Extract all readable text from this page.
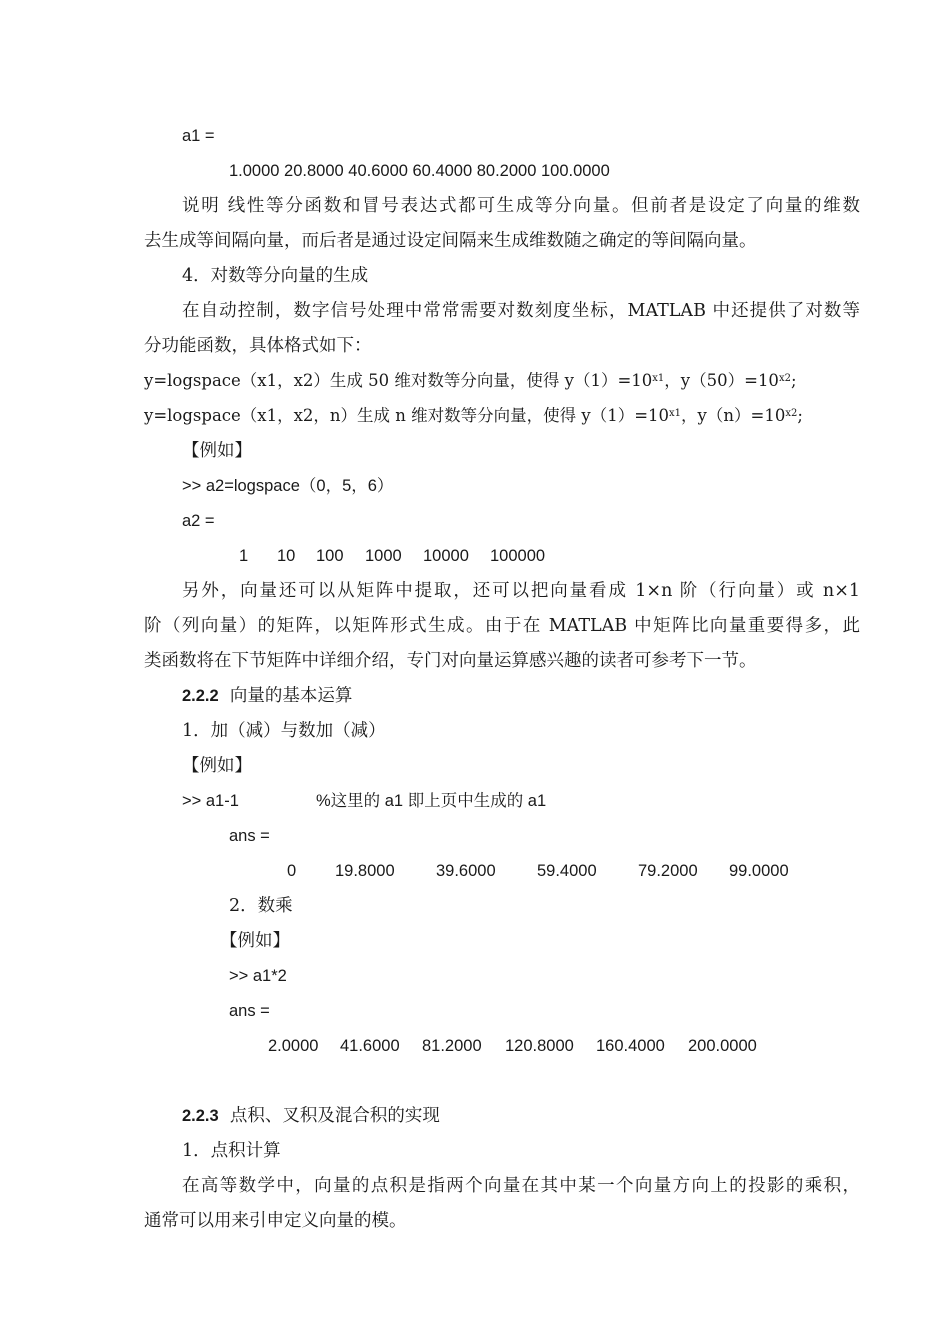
a1 =
1.0000 20.8000 40.6000 60.4000 80.2000 100.0000
说明 线性等分函数和冒号表达式都可生成等分向量。但前者是设定了向量的维数
去生成等间隔向量，而后者是通过设定间隔来生成维数随之确定的等间隔向量。
4．对数等分向量的生成
在自动控制，数字信号处理中常常需要对数刻度坐标，MATLAB 中还提供了对数等
分功能函数，具体格式如下：
y=logspace（x1，x2）生成 50 维对数等分向量，使得 $y(1)=10^{x1}$，$y(50)=10^{x2}$;
y=logspace（x1，x2，n）生成 n 维对数等分向量，使得 $y(1)=10^{x1}$，$y(n)=10^{x2}$;
【例如】
>> a2=logspace（0，5，6）
a2 =
1 10 100 1000 10000 100000
另外，向量还可以从矩阵中提取，还可以把向量看成 1×n 阶（行向量）或 n×1
阶（列向量）的矩阵，以矩阵形式生成。由于在 MATLAB 中矩阵比向量重要得多，此
类函数将在下节矩阵中详细介绍，专门对向量运算感兴趣的读者可参考下一节。
2.2.2 向量的基本运算
1．加（减）与数加（减）
【例如】
>> a1-1	%这里的 a1 即上页中生成的 a1
ans =
0 19.8000	39.6000	59.4000	79.2000 99.0000
2．数乘
【例如】
>> a1*2
ans =
2.0000 41.6000 81.2000 120.8000 160.4000 200.0000
2.2.3 点积、叉积及混合积的实现
1．点积计算
在高等数学中，向量的点积是指两个向量在其中某一个向量方向上的投影的乘积，
通常可以用来引申定义向量的模。
